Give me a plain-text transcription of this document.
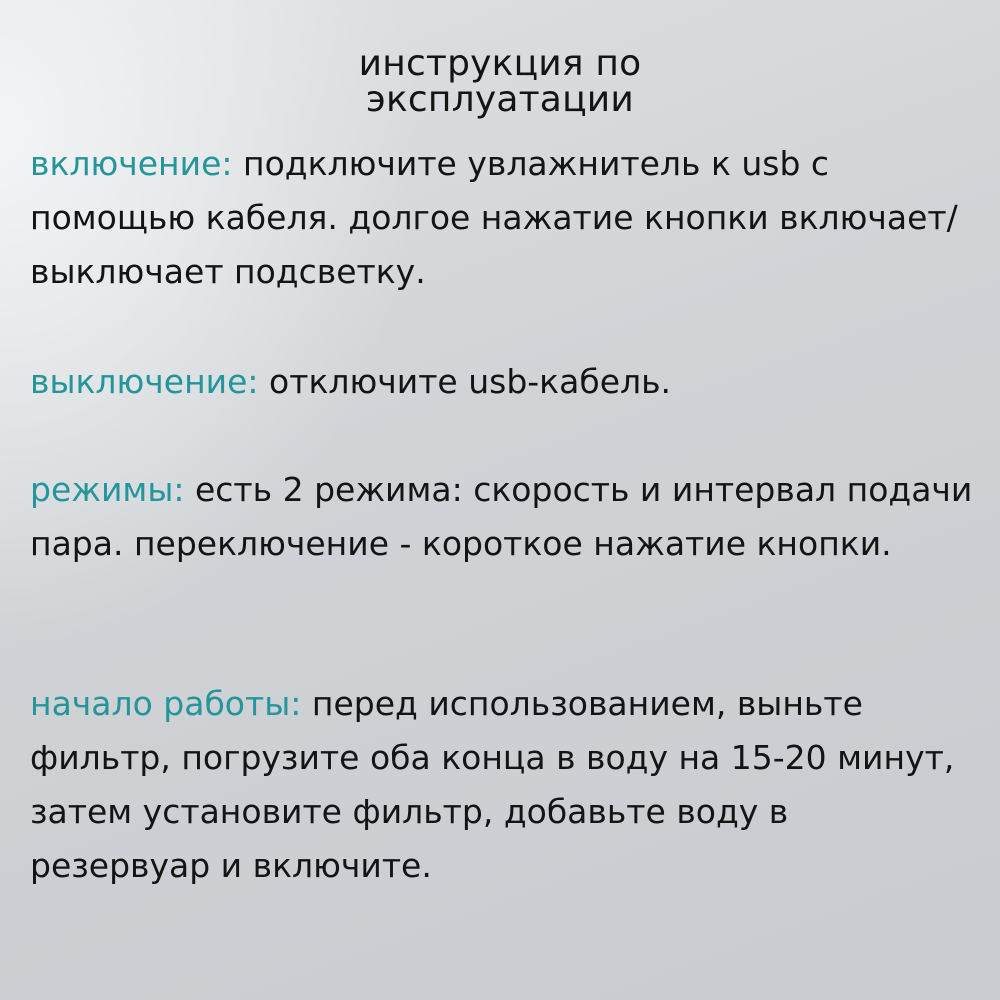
инструкция по
эксплуатации
включение: подключите увлажнитель к usb с помощью кабеля. долгое нажатие кнопки включает/выключает подсветку.
выключение: отключите usb-кабель.
режимы: есть 2 режима: скорость и интервал подачи пара. переключение - короткое нажатие кнопки.
начало работы: перед использованием, выньте фильтр, погрузите оба конца в воду на 15-20 минут, затем установите фильтр, добавьте воду в резервуар и включите.
